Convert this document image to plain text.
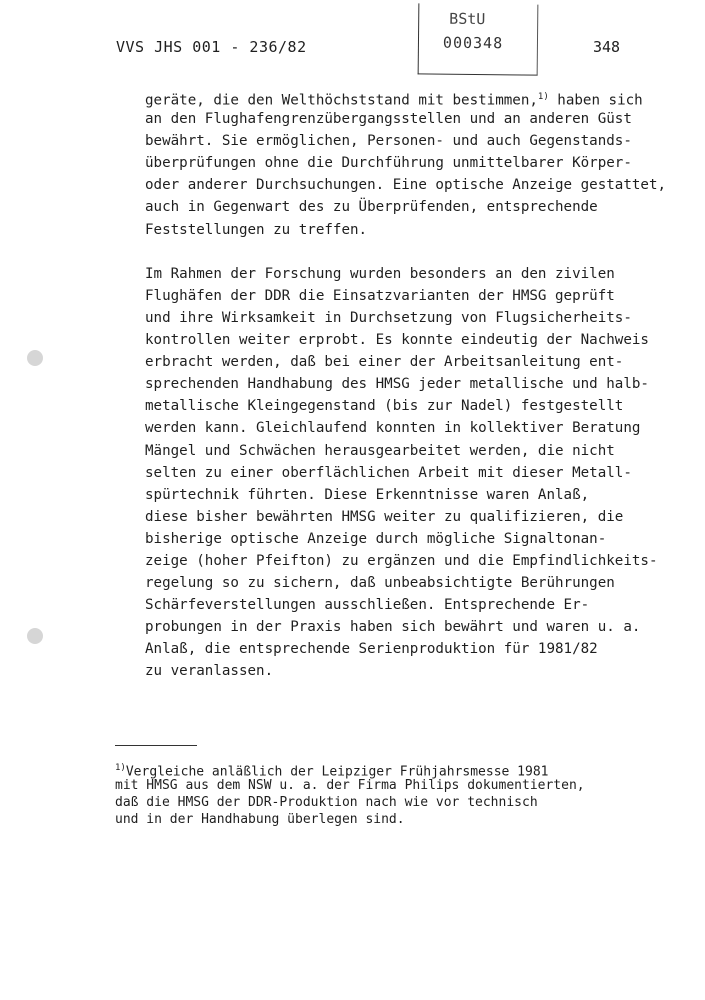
VVS JHS 001 - 236/82
BStU
000348	348
geräte, die den Welthöchststand mit bestimmen,$^{1)}$ haben sich
an den Flughafengrenzübergangsstellen und an anderen Güst
bewährt. Sie ermöglichen, Personen- und auch Gegenstands-
überprüfungen ohne die Durchführung unmittelbarer Körper-
oder anderer Durchsuchungen. Eine optische Anzeige gestattet,
auch in Gegenwart des zu Überprüfenden, entsprechende
Feststellungen zu treffen.
Im Rahmen der Forschung wurden besonders an den zivilen
Flughäfen der DDR die Einsatzvarianten der HMSG geprüft
und ihre Wirksamkeit in Durchsetzung von Flugsicherheits-
kontrollen weiter erprobt. Es konnte eindeutig der Nachweis
erbracht werden, daß bei einer der Arbeitsanleitung ent-
sprechenden Handhabung des HMSG jeder metallische und halb-
metallische Kleingegenstand (bis zur Nadel) festgestellt
werden kann. Gleichlaufend konnten in kollektiver Beratung
Mängel und Schwächen herausgearbeitet werden, die nicht
selten zu einer oberflächlichen Arbeit mit dieser Metall-
spürtechnik führten. Diese Erkenntnisse waren Anlaß,
diese bisher bewährten HMSG weiter zu qualifizieren, die
bisherige optische Anzeige durch mögliche Signaltonan-
zeige (hoher Pfeifton) zu ergänzen und die Empfindlichkeits-
regelung so zu sichern, daß unbeabsichtigte Berührungen
Schärfeverstellungen ausschließen. Entsprechende Er-
probungen in der Praxis haben sich bewährt und waren u. a.
Anlaß, die entsprechende Serienproduktion für 1981/82
zu veranlassen.
$^{1)}$Vergleiche anläßlich der Leipziger Frühjahrsmesse 1981
mit HMSG aus dem NSW u. a. der Firma Philips dokumentierten,
daß die HMSG der DDR-Produktion nach wie vor technisch
und in der Handhabung überlegen sind.
